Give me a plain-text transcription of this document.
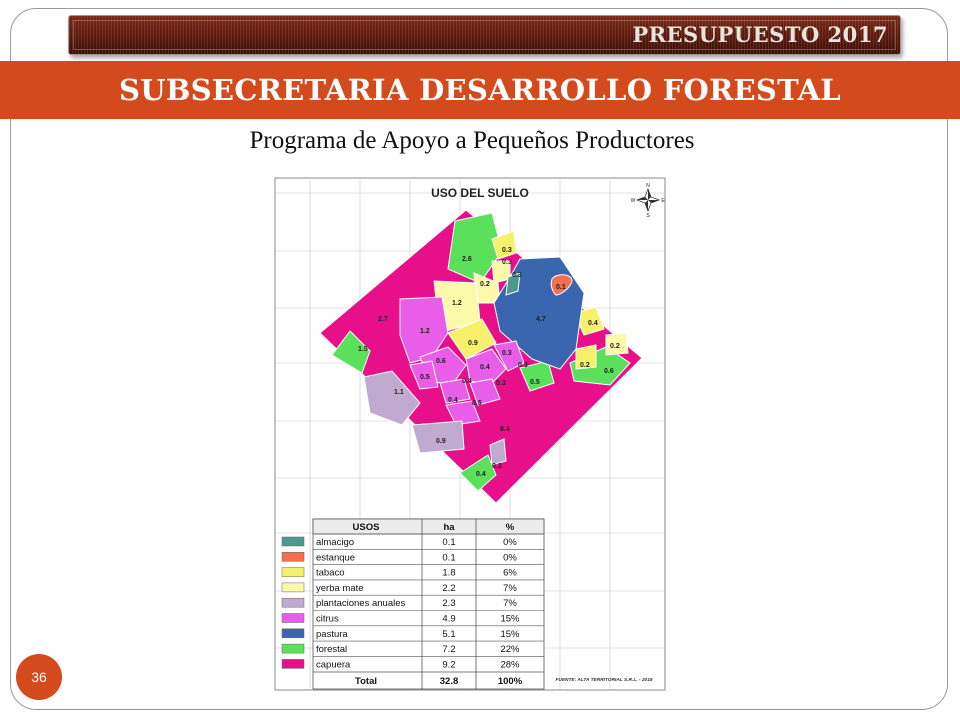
PRESUPUESTO 2017
SUBSECRETARIA DESARROLLO FORESTAL
Programa de Apoyo a Pequeños Productores
0.3
2.6	0.3
0.3
0.2	0.1
1.2
2.7	4.7
0.4
1.2
0.9	0.2
1.5
0.6
0.3
0.4	0.3	0.2
0.5
0.4	0.3
0.6
1.1
0.4 0.5
0.5
8.4
0.9
0.3
0.4
USO DEL SUELO	N
W	E
S
USOS	ha	%
almacigo	0.1	0%
estanque	0.1	0%
tabaco	1.8	6%
yerba mate	2.2	7%
plantaciones anuales	2.3	7%
citrus	4.9	15%
pastura	5.1	15%
forestal	7.2	22%
capuera	9.2	28%
Total	32.8	100%	FUENTE: ALTA TERRITORIAL S.R.L. - 2015
36
